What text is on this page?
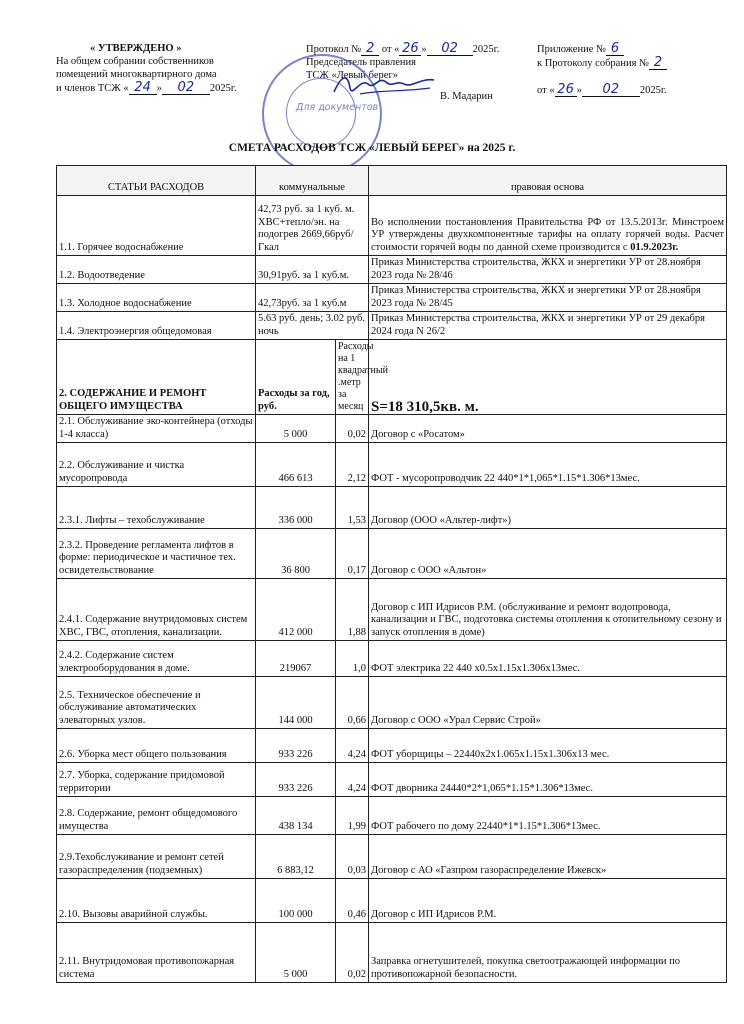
« УТВЕРЖДЕНО »
На общем собрании собственников
помещений многоквартирного дома
и членов ТСЖ « 24 » 02 2025г.
Протокол № 2 от « 26 » 02 2025г.
Председатель правления
ТСЖ «Левый берег»
В. Мадарин
Приложение № 6
к Протоколу собрания № 2
от « 26 » 02 2025г.
Для документов
СМЕТА РАСХОДОВ ТСЖ «ЛЕВЫЙ БЕРЕГ» на 2025 г.
СТАТЬИ РАСХОДОВ	коммунальные		правовая основа
1.1. Горячее водоснабжение	42,73 руб. за 1 куб. м. ХВС+тепло/эн. на подогрев 2669,66руб/ Гкал		Во исполнении постановления Правительства РФ от 13.5.2013г. Минстроем УР утверждены двухкомпонентные тарифы на оплату горячей воды. Расчет стоимости горячей воды по данной схеме производится с 01.9.2023г.
1.2. Водоотведение	30,91руб. за 1 куб.м.		Приказ Министерства строительства, ЖКХ и энергетики УР от 28.ноября 2023 года № 28/46
1.3. Холодное водоснабжение	42,73руб. за 1 куб.м		Приказ Министерства строительства, ЖКХ и энергетики УР от 28.ноября 2023 года № 28/45
1.4. Электроэнергия общедомовая	5.63 руб. день; 3.02 руб. ночь		Приказ Министерства строительства, ЖКХ и энергетики УР от 29 декабря 2024 года N 26/2
2. СОДЕРЖАНИЕ И РЕМОНТ ОБЩЕГО ИМУЩЕСТВА	Расходы за год, руб.	Расходы на 1 квадратный .метр за месяц	S=18 310,5кв. м.
2.1. Обслуживание эко-контейнера (отходы 1-4 класса)	5 000	0,02	Договор с «Росатом»
2.2. Обслуживание и чистка мусоропровода	466 613	2,12	ФОТ - мусоропроводчик 22 440*1*1,065*1.15*1.306*13мес.
2.3.1. Лифты – техобслуживание	336 000	1,53	Договор (ООО «Альтер-лифт»)
2.3.2. Проведение регламента лифтов в форме: периодическое и частичное тех. освидетельствование	36 800	0,17	Договор с ООО «Альтон»
2.4.1. Содержание внутридомовых систем ХВС, ГВС, отопления, канализации.	412 000	1,88	Договор с ИП Идрисов Р.М. (обслуживание и ремонт водопровода, канализации и ГВС, подготовка системы отопления к отопительному сезону и запуск отопления в доме)
2.4.2. Содержание систем электрооборудования в доме.	219067	1,0	ФОТ электрика 22 440 x0.5x1.15x1.306x13мес.
2.5. Техническое обеспечение и обслуживание автоматических элеваторных узлов.	144 000	0,66	Договор с ООО «Урал Сервис Строй»
2.6. Уборка мест общего пользования	933 226	4,24	ФОТ уборщицы – 22440x2x1.065x1.15x1.306x13 мес.
2.7. Уборка, содержание придомовой территории	933 226	4,24	ФОТ дворника 24440*2*1,065*1.15*1.306*13мес.
2.8. Содержание, ремонт общедомового имущества	438 134	1,99	ФОТ рабочего по дому 22440*1*1.15*1.306*13мес.
2.9.Техобслуживание и ремонт сетей газораспределения (подземных)	6 883,12	0,03	Договор с АО «Газпром газораспределение Ижевск»
2.10. Вызовы аварийной службы.	100 000	0,46	Договор с ИП Идрисов Р.М.
2.11. Внутридомовая противопожарная система	5 000	0,02	Заправка огнетушителей, покупка светоотражающей информации по противопожарной безопасности.
